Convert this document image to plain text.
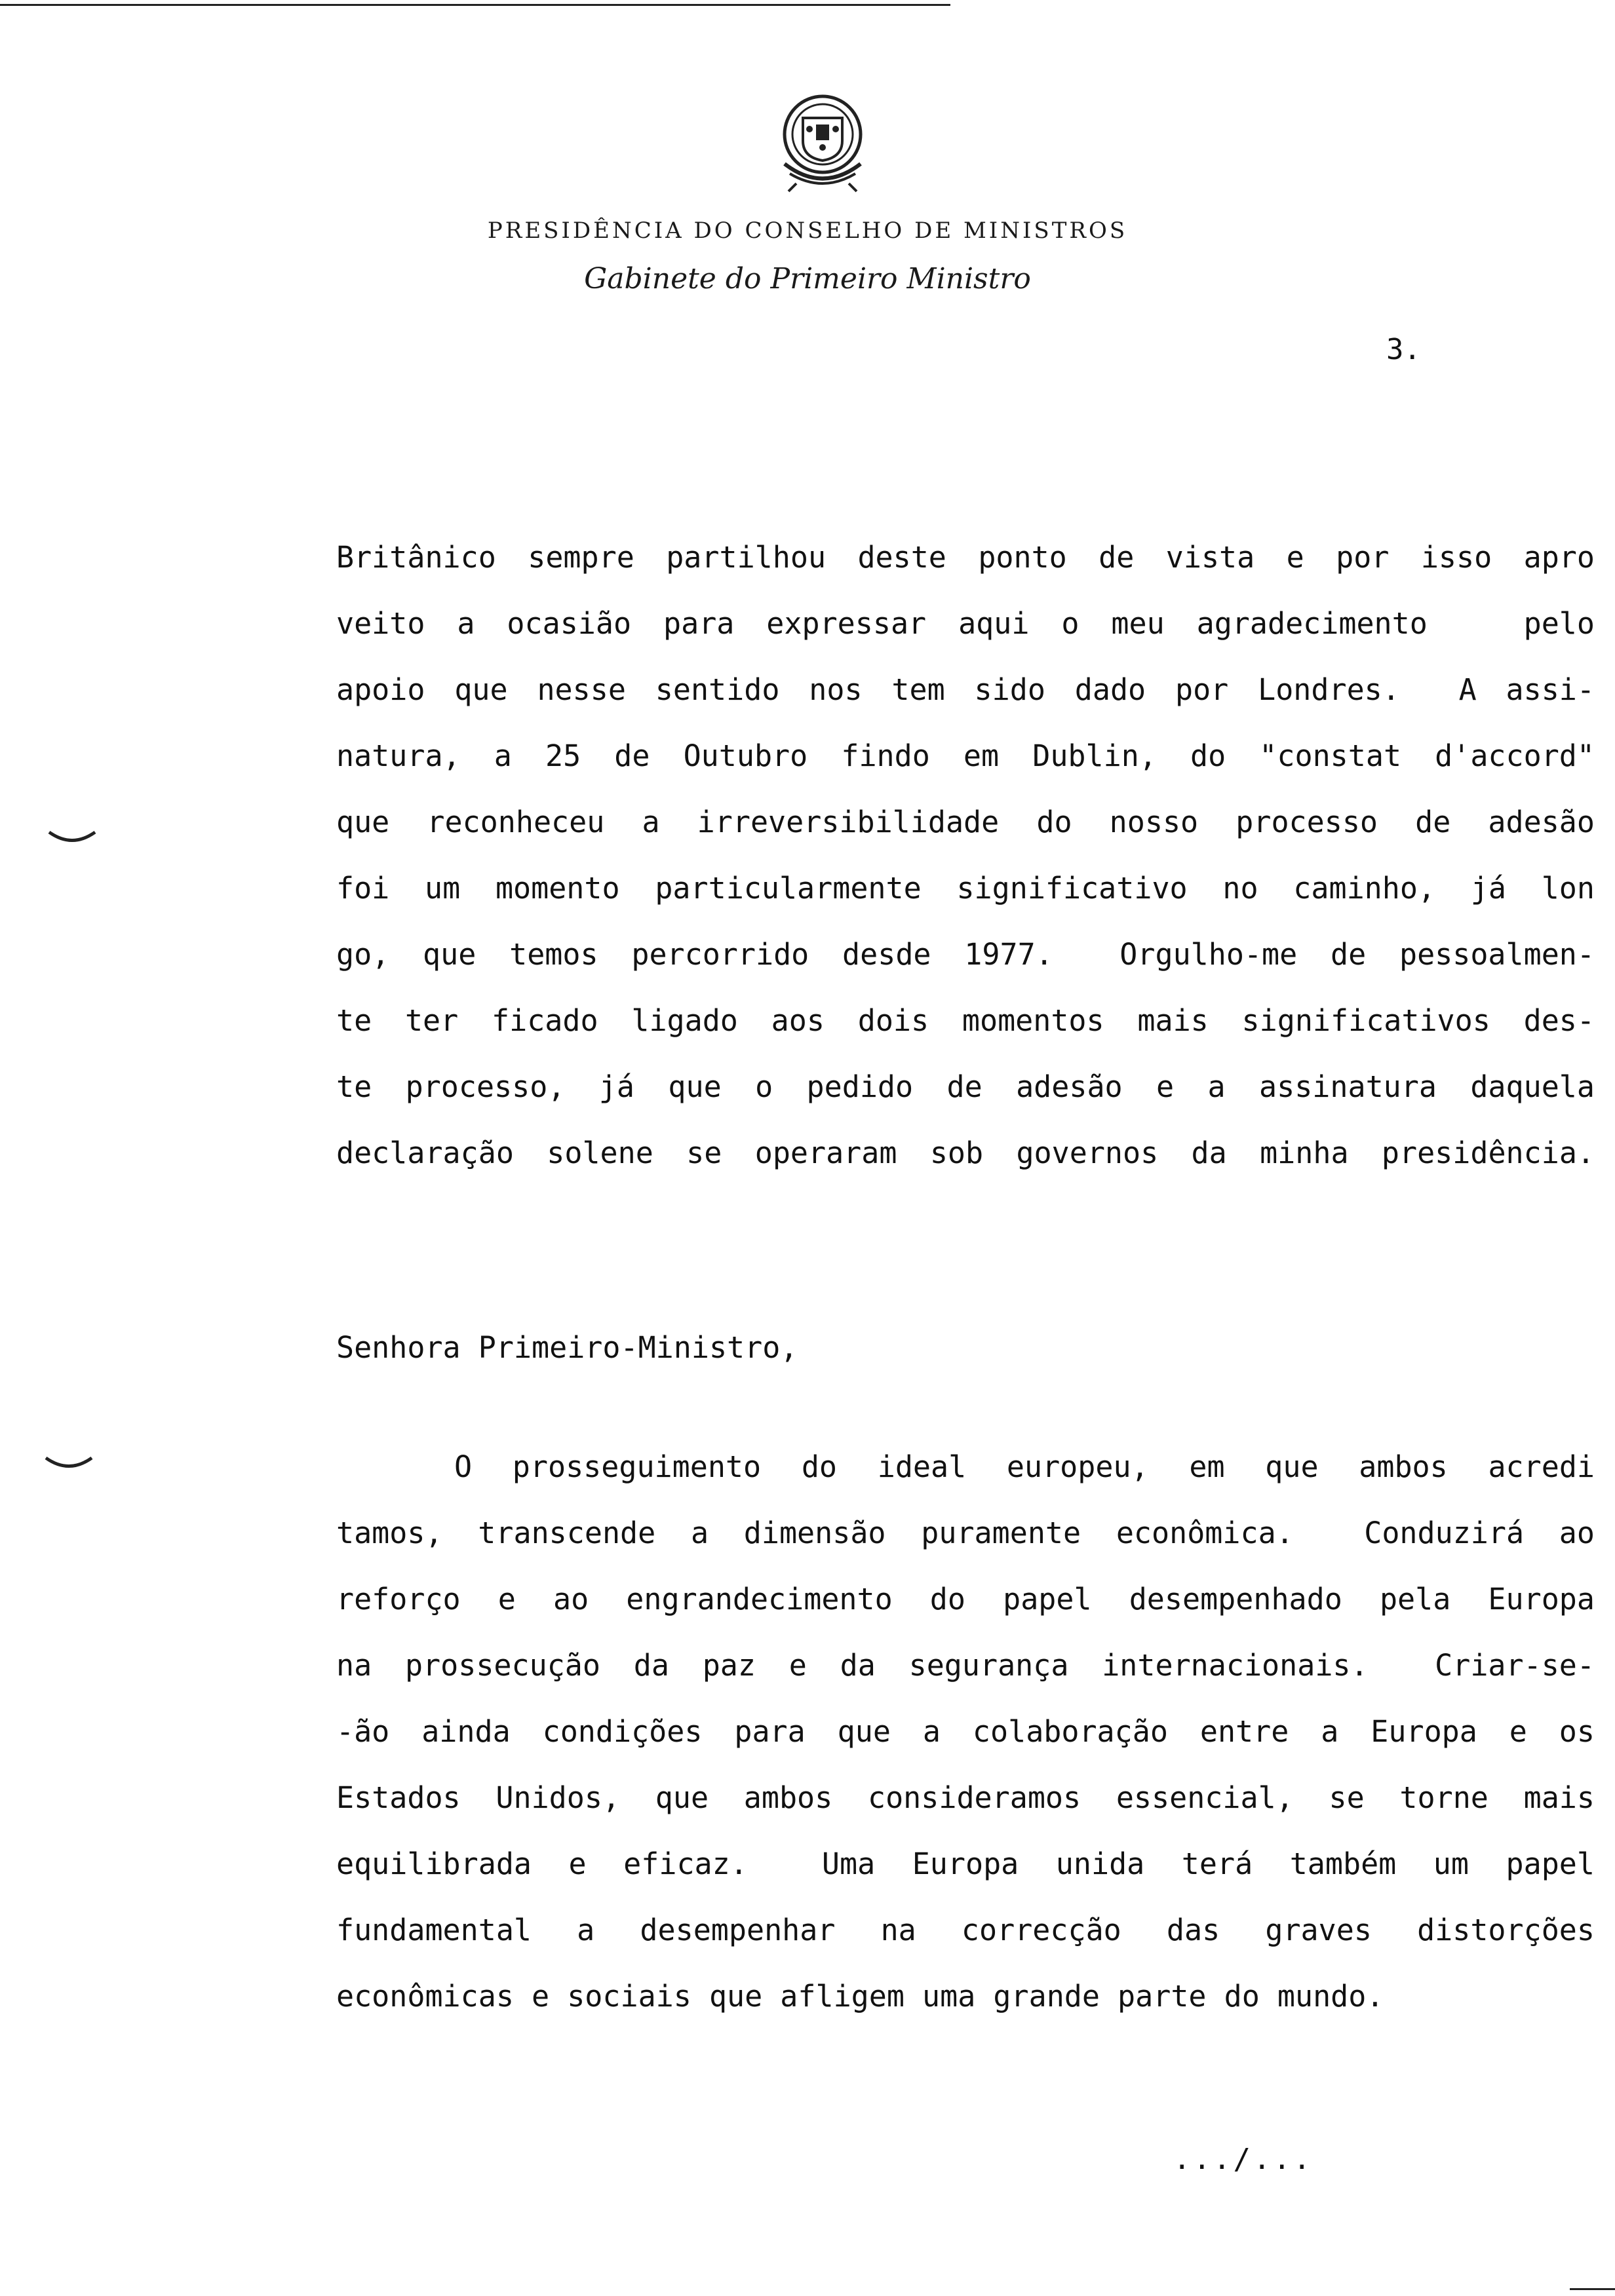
PRESIDÊNCIA DO CONSELHO DE MINISTROS
Gabinete do Primeiro Ministro
3.
Britânico sempre partilhou deste ponto de vista e por isso apro
veito a ocasião para expressar aqui o meu agradecimento   pelo
apoio que nesse sentido nos tem sido dado por Londres.  A assi-
natura, a 25 de Outubro findo em Dublin, do "constat d'accord"
que reconheceu a irreversibilidade do nosso processo de adesão
foi um momento particularmente significativo no caminho, já lon
go, que temos percorrido desde 1977.  Orgulho-me de pessoalmen-
te ter ficado ligado aos dois momentos mais significativos des-
te processo, já que o pedido de adesão e a assinatura daquela
declaração solene se operaram sob governos da minha presidência.
Senhora Primeiro-Ministro,
O prosseguimento do ideal europeu, em que ambos acredi
tamos, transcende a dimensão puramente econômica.  Conduzirá ao
reforço e ao engrandecimento do papel desempenhado pela Europa
na prossecução da paz e da segurança internacionais.  Criar-se-
-ão ainda condições para que a colaboração entre a Europa e os
Estados Unidos, que ambos consideramos essencial, se torne mais
equilibrada e eficaz.  Uma Europa unida terá também um papel
fundamental a desempenhar na correcção das graves distorções
econômicas e sociais que afligem uma grande parte do mundo.
.../...
